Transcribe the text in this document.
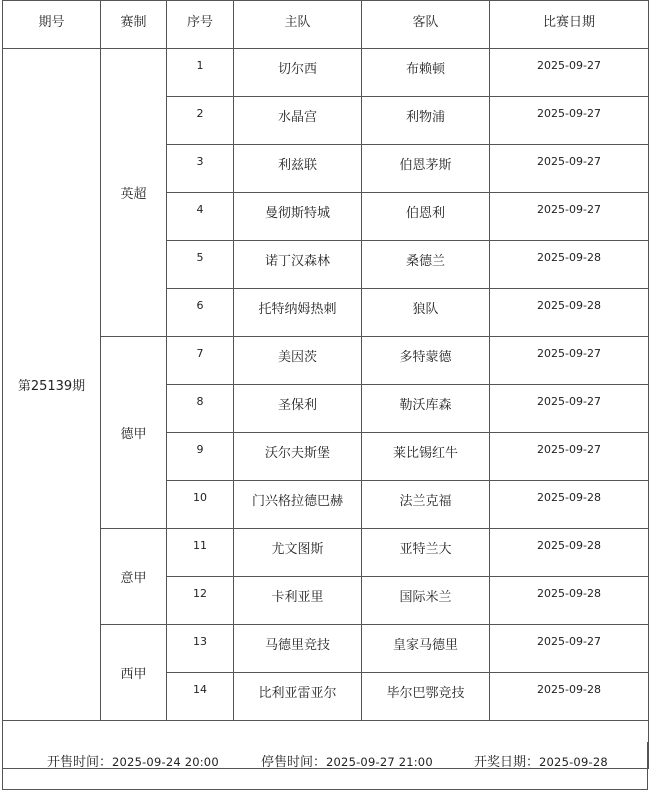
期号	赛制	序号	主队	客队	比赛日期
第25139期	英超	1	切尔西	布赖顿	2025-09-27
		2	水晶宫	利物浦	2025-09-27
		3	利兹联	伯恩茅斯	2025-09-27
		4	曼彻斯特城	伯恩利	2025-09-27
		5	诺丁汉森林	桑德兰	2025-09-28
		6	托特纳姆热刺	狼队	2025-09-28
	德甲	7	美因茨	多特蒙德	2025-09-27
		8	圣保利	勒沃库森	2025-09-27
		9	沃尔夫斯堡	莱比锡红牛	2025-09-27
		10	门兴格拉德巴赫	法兰克福	2025-09-28
	意甲	11	尤文图斯	亚特兰大	2025-09-28
		12	卡利亚里	国际米兰	2025-09-28
	西甲	13	马德里竞技	皇家马德里	2025-09-27
		14	比利亚雷亚尔	毕尔巴鄂竞技	2025-09-28

开售时间：2025-09-24 20:00	停售时间：2025-09-27 21:00	开奖日期：2025-09-28
